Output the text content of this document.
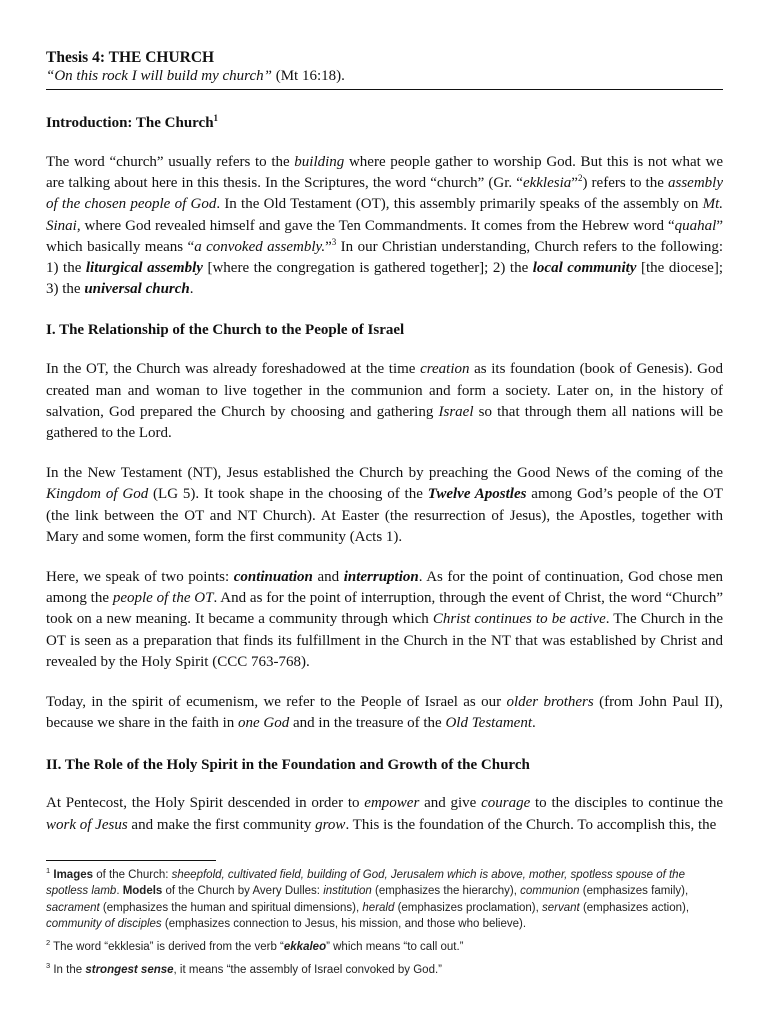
Thesis 4: THE CHURCH
“On this rock I will build my church” (Mt 16:18).
Introduction: The Church$^1$

The word “church” usually refers to the building where people gather to worship God. But this is not what we are talking about here in this thesis. In the Scriptures, the word “church” (Gr. “ekklesia”$^2$) refers to the assembly of the chosen people of God. In the Old Testament (OT), this assembly primarily speaks of the assembly on Mt. Sinai, where God revealed himself and gave the Ten Commandments. It comes from the Hebrew word “quahal” which basically means “a convoked assembly.”$^3$ In our Christian understanding, Church refers to the following: 1) the liturgical assembly [where the congregation is gathered together]; 2) the local community [the diocese]; 3) the universal church.

I. The Relationship of the Church to the People of Israel

In the OT, the Church was already foreshadowed at the time creation as its foundation (book of Genesis). God created man and woman to live together in the communion and form a society. Later on, in the history of salvation, God prepared the Church by choosing and gathering Israel so that through them all nations will be gathered to the Lord.

In the New Testament (NT), Jesus established the Church by preaching the Good News of the coming of the Kingdom of God (LG 5). It took shape in the choosing of the Twelve Apostles among God’s people of the OT (the link between the OT and NT Church). At Easter (the resurrection of Jesus), the Apostles, together with Mary and some women, form the first community (Acts 1).

Here, we speak of two points: continuation and interruption. As for the point of continuation, God chose men among the people of the OT. And as for the point of interruption, through the event of Christ, the word “Church” took on a new meaning. It became a community through which Christ continues to be active. The Church in the OT is seen as a preparation that finds its fulfillment in the Church in the NT that was established by Christ and revealed by the Holy Spirit (CCC 763-768).

Today, in the spirit of ecumenism, we refer to the People of Israel as our older brothers (from John Paul II), because we share in the faith in one God and in the treasure of the Old Testament.

II. The Role of the Holy Spirit in the Foundation and Growth of the Church

At Pentecost, the Holy Spirit descended in order to empower and give courage to the disciples to continue the work of Jesus and make the first community grow. This is the foundation of the Church. To accomplish this, the

$^1$ Images of the Church: sheepfold, cultivated field, building of God, Jerusalem which is above, mother, spotless spouse of the spotless lamb. Models of the Church by Avery Dulles: institution (emphasizes the hierarchy), communion (emphasizes family), sacrament (emphasizes the human and spiritual dimensions), herald (emphasizes proclamation), servant (emphasizes action), community of disciples (emphasizes connection to Jesus, his mission, and those who believe).

$^2$ The word “ekklesia” is derived from the verb “ekkaleo” which means “to call out.”

$^3$ In the strongest sense, it means “the assembly of Israel convoked by God.”
